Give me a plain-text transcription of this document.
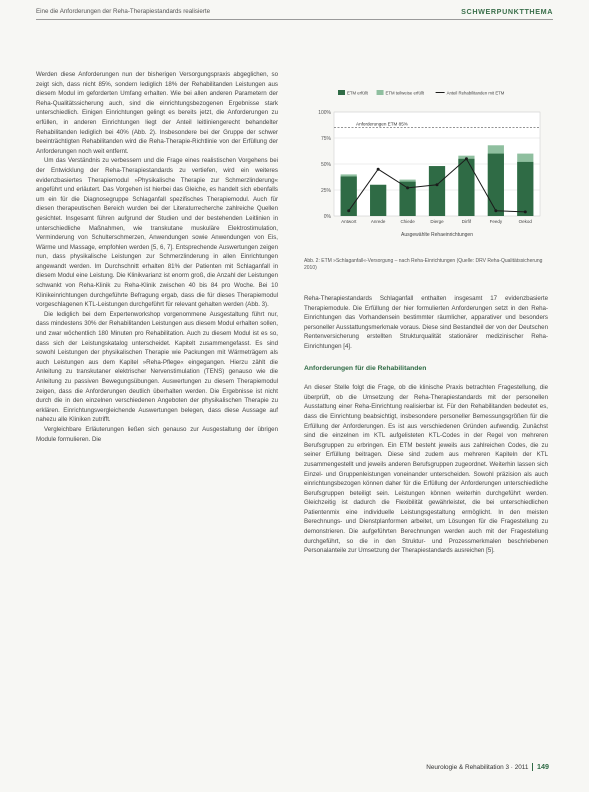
Eine die Anforderungen der Reha-Therapiestandards realisierte	SCHWERPUNKTTHEMA

Werden diese Anforderungen nun der bisherigen Versorgungspraxis abgeglichen, so zeigt sich, dass nicht 85%, sondern lediglich 18% der Rehabilitanden Leistungen aus diesem Modul im geforderten Umfang erhalten. Wie bei allen anderen Parametern der Reha-Qualitätssicherung auch, sind die einrichtungsbezogenen Ergebnisse stark unterschiedlich. Einigen Einrichtungen gelingt es bereits jetzt, die Anforderungen zu erfüllen, in anderen Einrichtungen liegt der Anteil leitliniengerecht behandelter Rehabilitanden lediglich bei 40% (Abb. 2). Insbesondere bei der Gruppe der schwer beeinträchtigten Rehabilitanden wird die Reha-Therapie-Richtlinie von der Erfüllung der Anforderungen noch weit entfernt.

Um das Verständnis zu verbessern und die Frage eines realistischen Vorgehens bei der Entwicklung der Reha-Therapiestandards zu vertiefen, wird ein weiteres evidenzbasiertes Therapiemodul »Physikalische Therapie zur Schmerzlinderung« angeführt und erläutert. Das Vorgehen ist hierbei das Gleiche, es handelt sich ebenfalls um ein für die Diagnosegruppe Schlaganfall spezifisches Therapiemodul. Auch für diesen therapeutischen Bereich wurden bei der Literaturrecherche zahlreiche Quellen gesichtet. Insgesamt führen aufgrund der Studien und der bestehenden Leitlinien in unterschiedliche Maßnahmen, wie transkutane muskuläre Elektrostimulation, Verminderung von Schulterschmerzen, Anwendungen sowie Anwendungen von Eis, Wärme und Massage, empfohlen werden [5, 6, 7]. Entsprechende Auswertungen zeigen nun, dass physikalische Leistungen zur Schmerzlinderung in allen Einrichtungen angewandt werden. Im Durchschnitt erhalten 81% der Patienten mit Schlaganfall in diesem Modul eine Leistung. Die Klinikvarianz ist enorm groß, die Anzahl der Leistungen schwankt von Reha-Klinik zu Reha-Klinik zwischen 40 bis 84 pro Woche. Bei 10 Klinikeinrichtungen durchgeführte Befragung ergab, dass die für dieses Therapiemodul vorgeschlagenen KTL-Leistungen durchgeführt für relevant gehalten werden (Abb. 3).

Die lediglich bei dem Expertenworkshop vorgenommene Ausgestaltung führt nur, dass mindestens 30% der Rehabilitanden Leistungen aus diesem Modul erhalten sollen, und zwar wöchentlich 180 Minuten pro Rehabilitation. Auch zu diesem Modul ist es so, dass sich der Leistungskatalog unterscheidet. Kapitelt zusammengefasst. Es sind sowohl Leistungen der physikalischen Therapie wie Packungen mit Wärmeträgern als auch Leistungen aus dem Kapitel »Reha-Pflege« eingegangen. Hierzu zählt die Anleitung zu transkutaner elektrischer Nervenstimulation (TENS) genauso wie die Anleitung zu passiven Bewegungsübungen. Auswertungen zu diesem Therapiemodul zeigen, dass die Anforderungen deutlich überhalten werden. Die Ergebnisse ist nicht durch die in den einzelnen verschiedenen Angeboten der physikalischen Therapie zu erklären. Einrichtungsvergleichende Auswertungen belegen, dass diese Aussage auf nahezu alle Kliniken zutrifft.

Vergleichbare Erläuterungen ließen sich genauso zur Ausgestaltung der übrigen Module formulieren. Die

0%
25%
50%
75%
100%
ETM erfüllt	ETM teilweise erfüllt	Anteil Rehabilitanden mit ETM
Anforderungen ETM 85%
Antwort	Anrede	Chiede	Dierge	Dirfif	Feedy	Oekod
Ausgewählte Rehaeinrichtungen
Abb. 2: ETM »Schlaganfall«-Versorgung – nach Reha-Einrichtungen (Quelle: DRV Reha-Qualitätssicherung 2010)

Reha-Therapiestandards Schlaganfall enthalten insgesamt 17 evidenzbasierte Therapiemodule. Die Erfüllung der hier formulierten Anforderungen setzt in den Reha-Einrichtungen das Vorhandensein bestimmter räumlicher, apparativer und besonders personeller Ausstattungsmerkmale voraus. Diese sind Bestandteil der von der Deutschen Rentenversicherung erstellten Strukturqualität stationärer medizinischer Reha-Einrichtungen [4].

Anforderungen für die Rehabilitanden

An dieser Stelle folgt die Frage, ob die klinische Praxis betrachten Fragestellung, die überprüft, ob die Umsetzung der Reha-Therapiestandards mit der personellen Ausstattung einer Reha-Einrichtung realisierbar ist. Für den Rehabilitanden bedeutet es, dass die Einrichtung beabsichtigt, insbesondere personeller Bemessungsgrößen für die Erfüllung der Anforderungen. Es ist aus verschiedenen Gründen aufwendig. Zunächst sind die einzelnen im KTL aufgelisteten KTL-Codes in der Regel von mehreren Berufsgruppen zu erbringen. Ein ETM besteht jeweils aus zahlreichen Codes, die zu seiner Erfüllung beitragen. Diese sind zudem aus mehreren Kapiteln der KTL zusammengestellt und jeweils anderen Berufsgruppen zugeordnet. Weiterhin lassen sich Einzel- und Gruppenleistungen voneinander unterscheiden. Sowohl präzision als auch einrichtungsbezogen können daher für die Erfüllung der Anforderungen unterschiedliche Berufsgruppen beteiligt sein. Leistungen können weiterhin durchgeführt werden. Gleichzeitig ist dadurch die Flexibilität gewährleistet, die bei unterschiedlichen Patientenmix eine individuelle Leistungsgestaltung ermöglicht. In den meisten Berechnungs- und Dienstplanformen arbeitet, um Lösungen für die Fragestellung zu demonstrieren. Die aufgeführten Berechnungen werden auch mit der Fragestellung durchgeführt, so die in den Struktur- und Prozessmerkmalen beschriebenen Personalanteile zur Umsetzung der Therapiestandards ausreichen [5].

Neurologie & Rehabilitation 3 · 2011 149
